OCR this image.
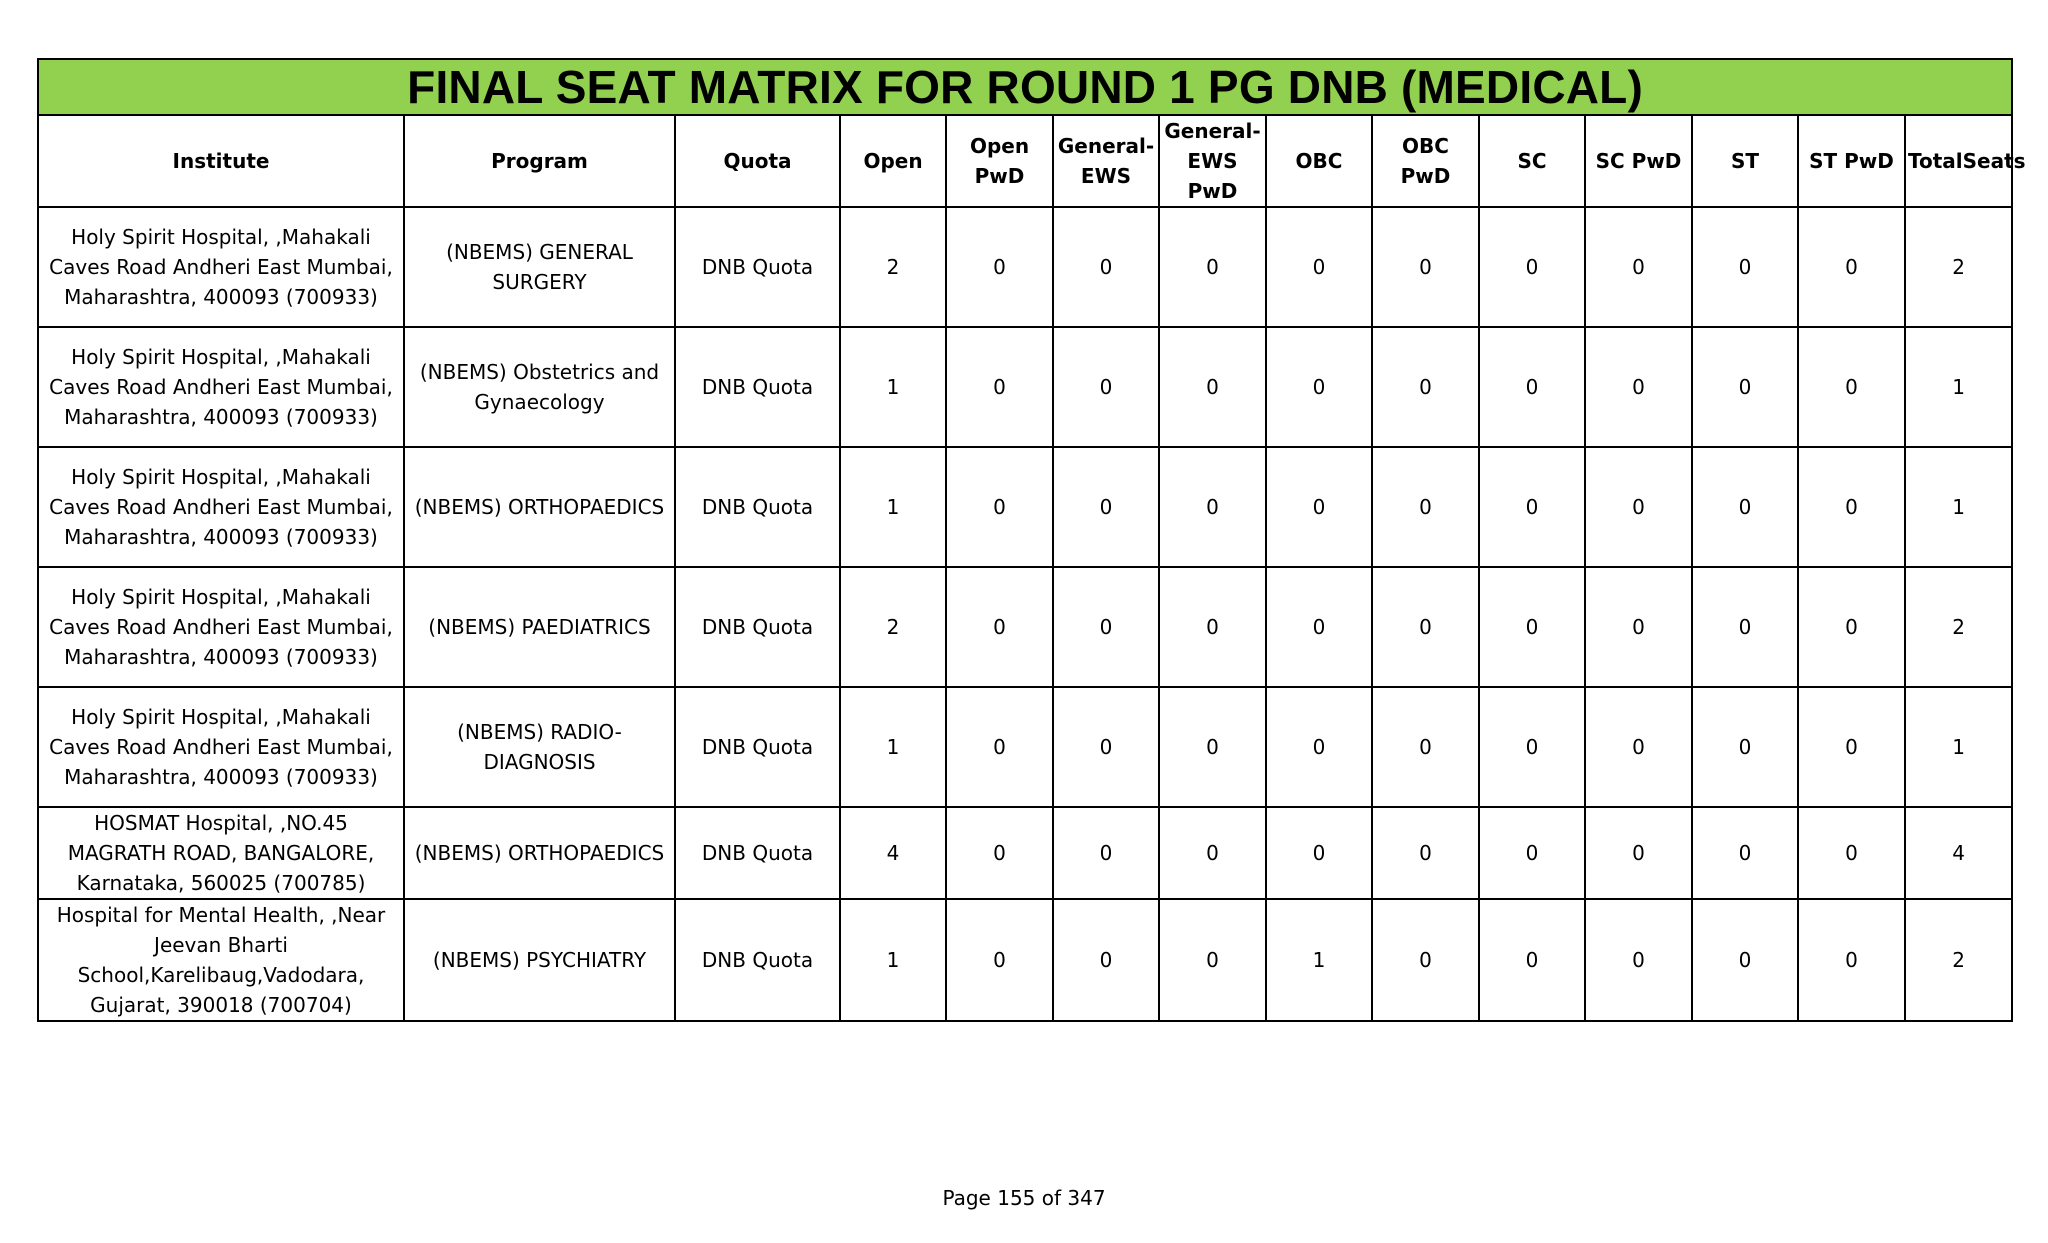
FINAL SEAT MATRIX FOR ROUND 1 PG DNB (MEDICAL)													
Institute	Program	Quota	Open	Open PwD	General-EWS	General-EWS PwD	OBC	OBC PwD	SC	SC PwD	ST	ST PwD	TotalSeats
Holy Spirit Hospital, ,Mahakali Caves Road Andheri East Mumbai, Maharashtra, 400093 (700933)	(NBEMS) GENERAL SURGERY	DNB Quota	2	0	0	0	0	0	0	0	0	0	2
Holy Spirit Hospital, ,Mahakali Caves Road Andheri East Mumbai, Maharashtra, 400093 (700933)	(NBEMS) Obstetrics and Gynaecology	DNB Quota	1	0	0	0	0	0	0	0	0	0	1
Holy Spirit Hospital, ,Mahakali Caves Road Andheri East Mumbai, Maharashtra, 400093 (700933)	(NBEMS) ORTHOPAEDICS	DNB Quota	1	0	0	0	0	0	0	0	0	0	1
Holy Spirit Hospital, ,Mahakali Caves Road Andheri East Mumbai, Maharashtra, 400093 (700933)	(NBEMS) PAEDIATRICS	DNB Quota	2	0	0	0	0	0	0	0	0	0	2
Holy Spirit Hospital, ,Mahakali Caves Road Andheri East Mumbai, Maharashtra, 400093 (700933)	(NBEMS) RADIO-DIAGNOSIS	DNB Quota	1	0	0	0	0	0	0	0	0	0	1
HOSMAT Hospital, ,NO.45 MAGRATH ROAD, BANGALORE, Karnataka, 560025 (700785)	(NBEMS) ORTHOPAEDICS	DNB Quota	4	0	0	0	0	0	0	0	0	0	4
Hospital for Mental Health, ,Near Jeevan Bharti School,Karelibaug,Vadodara, Gujarat, 390018 (700704)	(NBEMS) PSYCHIATRY	DNB Quota	1	0	0	0	1	0	0	0	0	0	2
Page 155 of 347
